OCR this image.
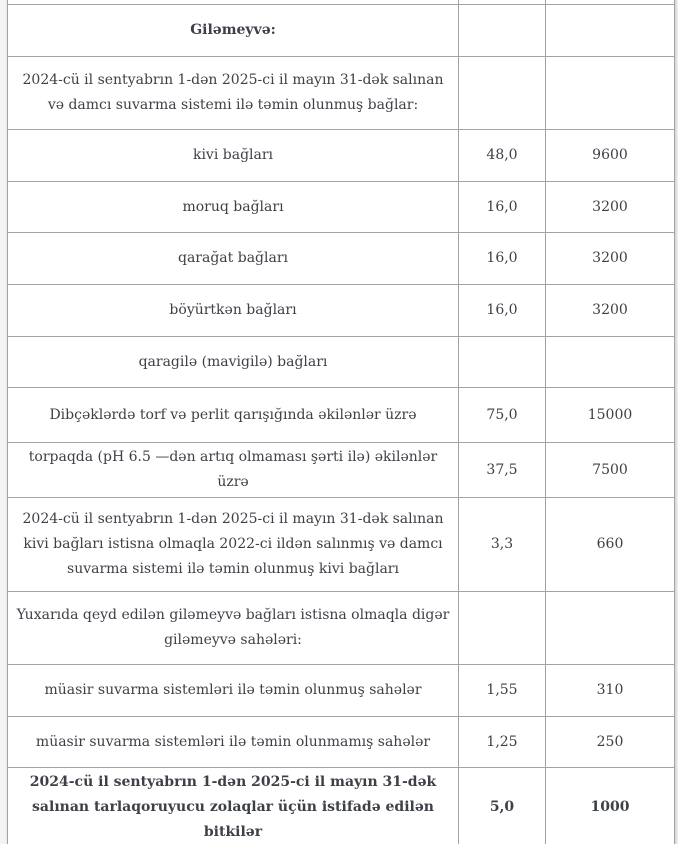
Giləmeyvə:		
2024-cü il sentyabrın 1-dən 2025-ci il mayın 31-dək salınan və damcı suvarma sistemi ilə təmin olunmuş bağlar:		
kivi bağları	48,0	9600
moruq bağları	16,0	3200
qarağat bağları	16,0	3200
böyürtkən bağları	16,0	3200
qaragilə (mavigilə) bağları		
Dibçəklərdə torf və perlit qarışığında əkilənlər üzrə	75,0	15000
torpaqda (pH 6.5 —dən artıq olmaması şərti ilə) əkilənlər üzrə	37,5	7500
2024-cü il sentyabrın 1-dən 2025-ci il mayın 31-dək salınan kivi bağları istisna olmaqla 2022-ci ildən salınmış və damcı suvarma sistemi ilə təmin olunmuş kivi bağları	3,3	660
Yuxarıda qeyd edilən giləmeyvə bağları istisna olmaqla digər giləmeyvə sahələri:		
müasir suvarma sistemləri ilə təmin olunmuş sahələr	1,55	310
müasir suvarma sistemləri ilə təmin olunmamış sahələr	1,25	250
2024-cü il sentyabrın 1-dən 2025-ci il mayın 31-dək salınan tarlaqoruyucu zolaqlar üçün istifadə edilən bitkilər	5,0	1000
